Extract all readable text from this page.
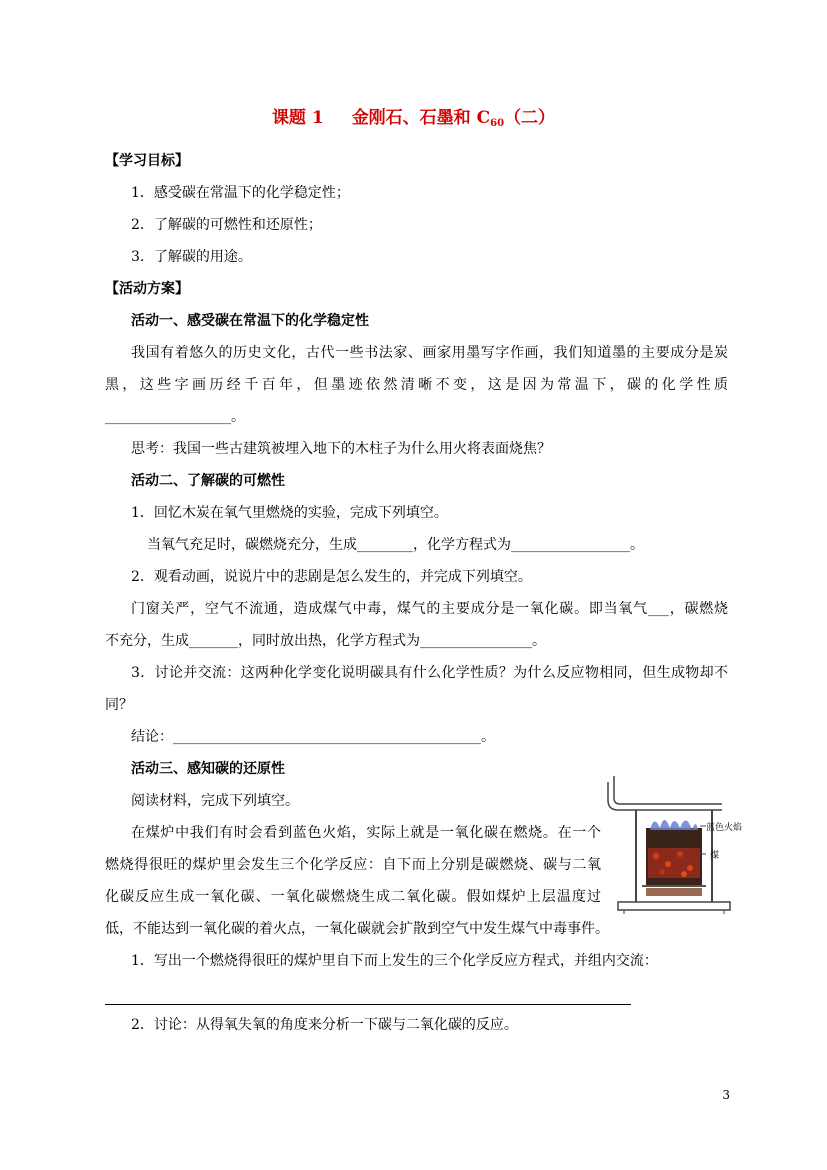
课题 1 金刚石、石墨和 $C_{60}$（二）
【学习目标】
1．感受碳在常温下的化学稳定性；
2．了解碳的可燃性和还原性；
3．了解碳的用途。
【活动方案】
活动一、感受碳在常温下的化学稳定性
我国有着悠久的历史文化，古代一些书法家、画家用墨写字作画，我们知道墨的主要成分是炭
黑，这些字画历经千百年，但墨迹依然清晰不变，这是因为常温下，碳的化学性质
__________________。
思考：我国一些古建筑被埋入地下的木柱子为什么用火将表面烧焦？
活动二、了解碳的可燃性
1．回忆木炭在氧气里燃烧的实验，完成下列填空。
当氧气充足时，碳燃烧充分，生成________，化学方程式为_________________。
2．观看动画，说说片中的悲剧是怎么发生的，并完成下列填空。
门窗关严，空气不流通，造成煤气中毒，煤气的主要成分是一氧化碳。即当氧气___，碳燃烧
不充分，生成_______，同时放出热，化学方程式为________________。
3．讨论并交流：这两种化学变化说明碳具有什么化学性质？为什么反应物相同，但生成物却不
同？
结论：____________________________________________。
活动三、感知碳的还原性
阅读材料，完成下列填空。
在煤炉中我们有时会看到蓝色火焰，实际上就是一氧化碳在燃烧。在一个
燃烧得很旺的煤炉里会发生三个化学反应：自下而上分别是碳燃烧、碳与二氧
化碳反应生成一氧化碳、一氧化碳燃烧生成二氧化碳。假如煤炉上层温度过
低，不能达到一氧化碳的着火点，一氧化碳就会扩散到空气中发生煤气中毒事件。
1．写出一个燃烧得很旺的煤炉里自下而上发生的三个化学反应方程式，并组内交流：
2．讨论：从得氧失氧的角度来分析一下碳与二氧化碳的反应。
蓝色火焰
煤
3
